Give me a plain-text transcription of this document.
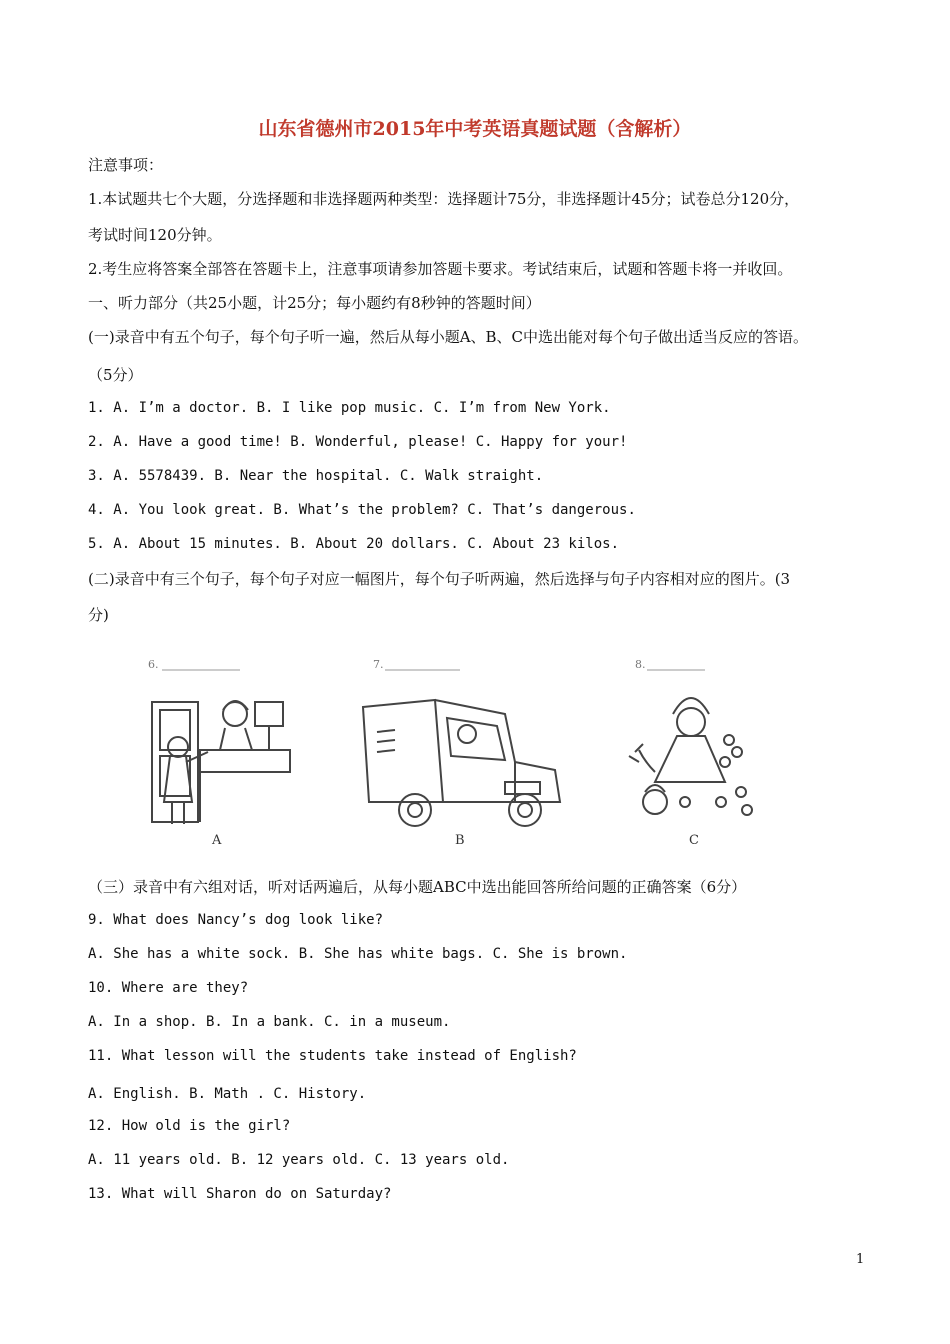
山东省德州市2015年中考英语真题试题（含解析）
注意事项：
1.本试题共七个大题，分选择题和非选择题两种类型：选择题计75分，非选择题计45分；试卷总分120分，
考试时间120分钟。
2.考生应将答案全部答在答题卡上，注意事项请参加答题卡要求。考试结束后，试题和答题卡将一并收回。
一、听力部分（共25小题，计25分；每小题约有8秒钟的答题时间）
(一)录音中有五个句子，每个句子听一遍，然后从每小题A、B、C中选出能对每个句子做出适当反应的答语。
（5分）
1. A. I’m a doctor. B. I like pop music. C. I’m from New York.
2. A. Have a good time! B. Wonderful, please! C. Happy for your!
3. A. 5578439. B. Near the hospital. C. Walk straight.
4. A. You look great. B. What’s the problem? C. That’s dangerous.
5. A. About 15 minutes. B. About 20 dollars. C. About 23 kilos.
(二)录音中有三个句子，每个句子对应一幅图片，每个句子听两遍，然后选择与句子内容相对应的图片。(3
分)
6.
A
7.
B
8.
C
（三）录音中有六组对话，听对话两遍后，从每小题ABC中选出能回答所给问题的正确答案（6分）
9. What does Nancy’s dog look like?
A. She has a white sock. B. She has white bags. C. She is brown.
10. Where are they?
A. In a shop. B. In a bank. C. in a museum.
11. What lesson will the students take instead of English?
A. English. B. Math . C. History.
12. How old is the girl?
A. 11 years old. B. 12 years old. C. 13 years old.
13. What will Sharon do on Saturday?
1
